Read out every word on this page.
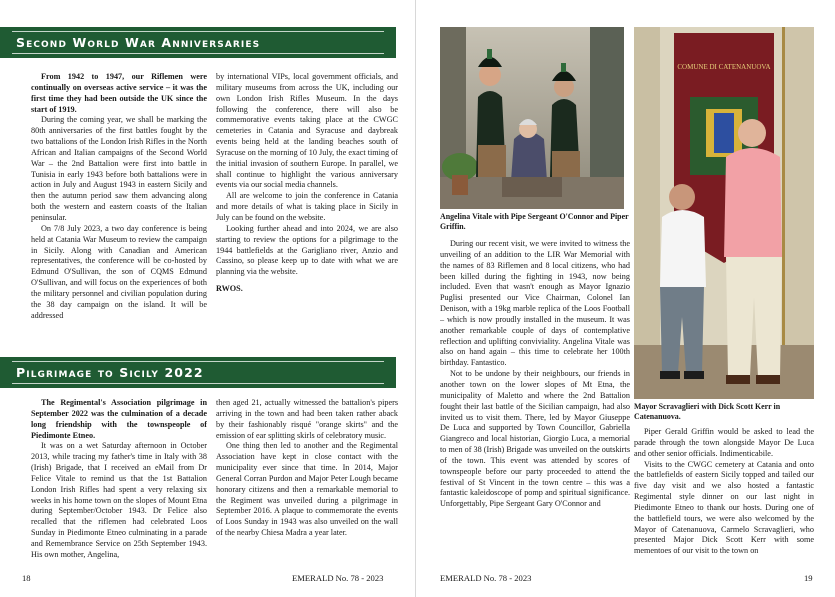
Second World War Anniversaries

From 1942 to 1947, our Riflemen were continually on overseas active service – it was the first time they had been outside the UK since the start of 1919.

During the coming year, we shall be marking the 80th anniversaries of the first battles fought by the two battalions of the London Irish Rifles in the North African and Italian campaigns of the Second World War – the 2nd Battalion were first into battle in Tunisia in early 1943 before both battalions were in action in July and August 1943 in eastern Sicily and then the autumn period saw them advancing along both the western and eastern coasts of the Italian peninsular.

On 7/8 July 2023, a two day conference is being held at Catania War Museum to review the campaign in Sicily. Along with Canadian and American representatives, the conference will be co-hosted by Edmund O'Sullivan, the son of CQMS Edmund O'Sullivan, and will focus on the experiences of both the military personnel and civilian population during the 38 day campaign on the island. It will be addressed

by international VIPs, local government officials, and military museums from across the UK, including our own London Irish Rifles Museum. In the days following the conference, there will also be commemorative events taking place at the CWGC cemeteries in Catania and Syracuse and daybreak events being held at the landing beaches south of Syracuse on the morning of 10 July, the exact timing of the initial invasion of southern Europe. In parallel, we shall continue to highlight the various anniversary events via our social media channels.

All are welcome to join the conference in Catania and more details of what is taking place in Sicily in July can be found on the website.

Looking further ahead and into 2024, we are also starting to review the options for a pilgrimage to the 1944 battlefields at the Garigliano river, Anzio and Cassino, so please keep up to date with what we are planning via the website.

RWOS.

Pilgrimage to Sicily 2022

The Regimental's Association pilgrimage in September 2022 was the culmination of a decade long friendship with the townspeople of Piedimonte Etneo.

It was on a wet Saturday afternoon in October 2013, while tracing my father's time in Italy with 38 (Irish) Brigade, that I received an eMail from Dr Felice Vitale to remind us that the 1st Battalion London Irish Rifles had spent a very relaxing six weeks in his home town on the slopes of Mount Etna during September/October 1943. Dr Felice also recalled that the riflemen had celebrated Loos Sunday in Piedimonte Etneo culminating in a parade and Remembrance Service on 25th September 1943. His own mother, Angelina,

then aged 21, actually witnessed the battalion's pipers arriving in the town and had been taken rather aback by their fashionably risqué "orange skirts" and the emission of ear splitting skirls of celebratory music.

One thing then led to another and the Regimental Association have kept in close contact with the municipality ever since that time. In 2014, Major General Corran Purdon and Major Peter Lough became honorary citizens and then a remarkable memorial to the Regiment was unveiled during a pilgrimage in September 2016. A plaque to commemorate the events of Loos Sunday in 1943 was also unveiled on the wall of the nearby Chiesa Madra a year later.

18	EMERALD No. 78 - 2023
Angelina Vitale with Pipe Sergeant O'Connor and Piper Griffin.
COMUNE DI CATENANUOVA
Mayor Scravaglieri with Dick Scott Kerr in Catenanuova.

During our recent visit, we were invited to witness the unveiling of an addition to the LIR War Memorial with the names of 83 Riflemen and 8 local citizens, who had been killed during the fighting in 1943, now being included. Even that wasn't enough as Mayor Ignazio Puglisi presented our Vice Chairman, Colonel Ian Denison, with a 19kg marble replica of the Loos Football – which is now proudly installed in the museum. It was another remarkable couple of days of contemplative reflection and uplifting conviviality. Angelina Vitale was also on hand again – this time to celebrate her 100th birthday. Fantastico.

Not to be undone by their neighbours, our friends in another town on the lower slopes of Mt Etna, the municipality of Maletto and where the 2nd Battalion fought their last battle of the Sicilian campaign, had also invited us to visit them. There, led by Mayor Giuseppe De Luca and supported by Town Councillor, Gabriella Giangreco and local historian, Giorgio Luca, a memorial to men of 38 (Irish) Brigade was unveiled on the outskirts of the town. This event was attended by scores of townspeople before our party proceeded to attend the festival of St Vincent in the town centre – this was a fantastic kaleidoscope of pomp and spiritual significance. Unforgettably, Pipe Sergeant Gary O'Connor and

Piper Gerald Griffin would be asked to lead the parade through the town alongside Mayor De Luca and other senior officials. Indimenticabile.

Visits to the CWGC cemetery at Catania and onto the battlefields of eastern Sicily topped and tailed our five day visit and we also hosted a fantastic Regimental style dinner on our last night in Piedimonte Etneo to thank our hosts. During one of the battlefield tours, we were also welcomed by the Mayor of Catenanuova, Carmelo Scravaglieri, who presented Major Dick Scott Kerr with some mementoes of our visit to the town on

EMERALD No. 78 - 2023	19
